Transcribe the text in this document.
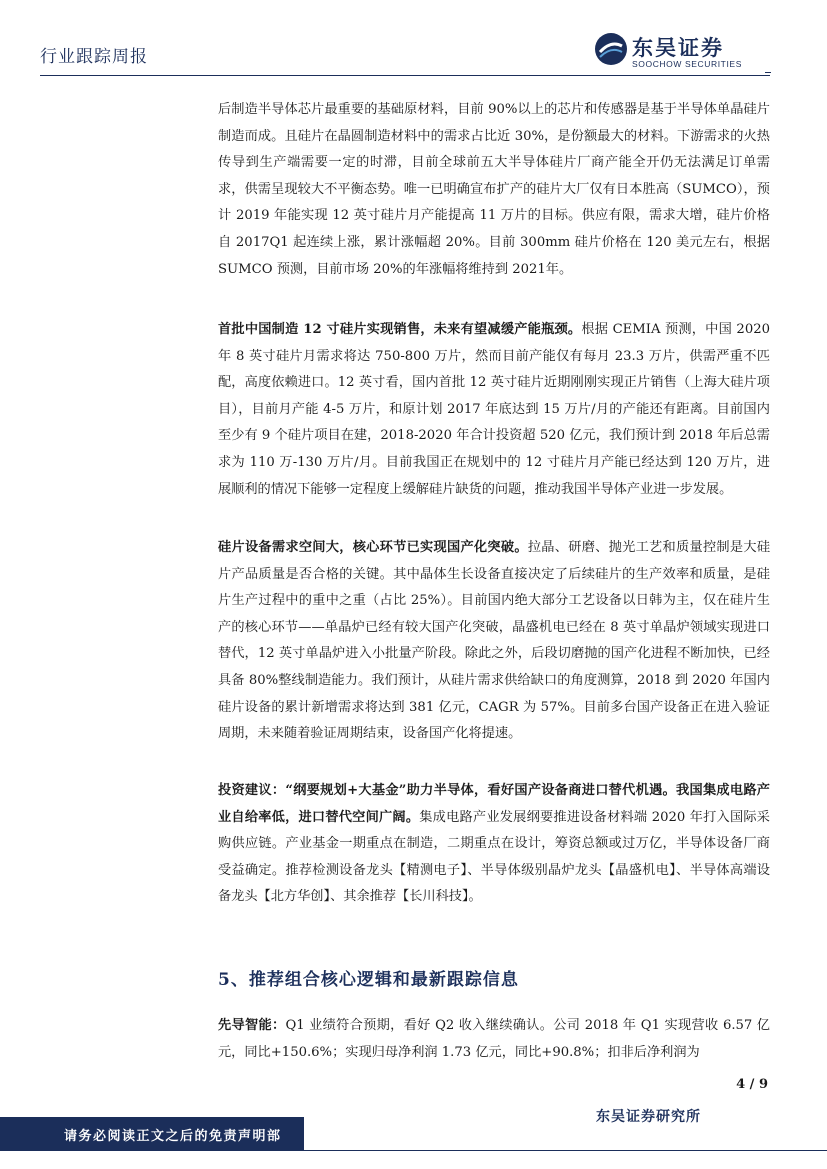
行业跟踪周报	东吴证券
SOOCHOW SECURITIES

后制造半导体芯片最重要的基础原材料，目前 90%以上的芯片和传感器是基于半导体单晶硅片制造而成。且硅片在晶圆制造材料中的需求占比近 30%，是份额最大的材料。下游需求的火热传导到生产端需要一定的时滞，目前全球前五大半导体硅片厂商产能全开仍无法满足订单需求，供需呈现较大不平衡态势。唯一已明确宣布扩产的硅片大厂仅有日本胜高（SUMCO），预计 2019 年能实现 12 英寸硅片月产能提高 11 万片的目标。供应有限，需求大增，硅片价格自 2017Q1 起连续上涨，累计涨幅超 20%。目前 300mm 硅片价格在 120 美元左右，根据 SUMCO 预测，目前市场 20%的年涨幅将维持到 2021年。

首批中国制造 12 寸硅片实现销售，未来有望减缓产能瓶颈。根据 CEMIA 预测，中国 2020 年 8 英寸硅片月需求将达 750-800 万片，然而目前产能仅有每月 23.3 万片，供需严重不匹配，高度依赖进口。12 英寸看，国内首批 12 英寸硅片近期刚刚实现正片销售（上海大硅片项目），目前月产能 4-5 万片，和原计划 2017 年底达到 15 万片/月的产能还有距离。目前国内至少有 9 个硅片项目在建，2018-2020 年合计投资超 520 亿元，我们预计到 2018 年后总需求为 110 万-130 万片/月。目前我国正在规划中的 12 寸硅片月产能已经达到 120 万片，进展顺利的情况下能够一定程度上缓解硅片缺货的问题，推动我国半导体产业进一步发展。

硅片设备需求空间大，核心环节已实现国产化突破。拉晶、研磨、抛光工艺和质量控制是大硅片产品质量是否合格的关键。其中晶体生长设备直接决定了后续硅片的生产效率和质量，是硅片生产过程中的重中之重（占比 25%）。目前国内绝大部分工艺设备以日韩为主，仅在硅片生产的核心环节——单晶炉已经有较大国产化突破，晶盛机电已经在 8 英寸单晶炉领域实现进口替代，12 英寸单晶炉进入小批量产阶段。除此之外，后段切磨抛的国产化进程不断加快，已经具备 80%整线制造能力。我们预计，从硅片需求供给缺口的角度测算，2018 到 2020 年国内硅片设备的累计新增需求将达到 381 亿元，CAGR 为 57%。目前多台国产设备正在进入验证周期，未来随着验证周期结束，设备国产化将提速。

投资建议：“纲要规划+大基金”助力半导体，看好国产设备商进口替代机遇。我国集成电路产业自给率低，进口替代空间广阔。集成电路产业发展纲要推进设备材料端 2020 年打入国际采购供应链。产业基金一期重点在制造，二期重点在设计，筹资总额或过万亿，半导体设备厂商受益确定。推荐检测设备龙头【精测电子】、半导体级别晶炉龙头【晶盛机电】、半导体高端设备龙头【北方华创】、其余推荐【长川科技】。

5、推荐组合核心逻辑和最新跟踪信息

先导智能：Q1 业绩符合预期，看好 Q2 收入继续确认。公司 2018 年 Q1 实现营收 6.57 亿元，同比+150.6%；实现归母净利润 1.73 亿元，同比+90.8%；扣非后净利润为

4 / 9
请务必阅读正文之后的免责声明部
东吴证券研究所
